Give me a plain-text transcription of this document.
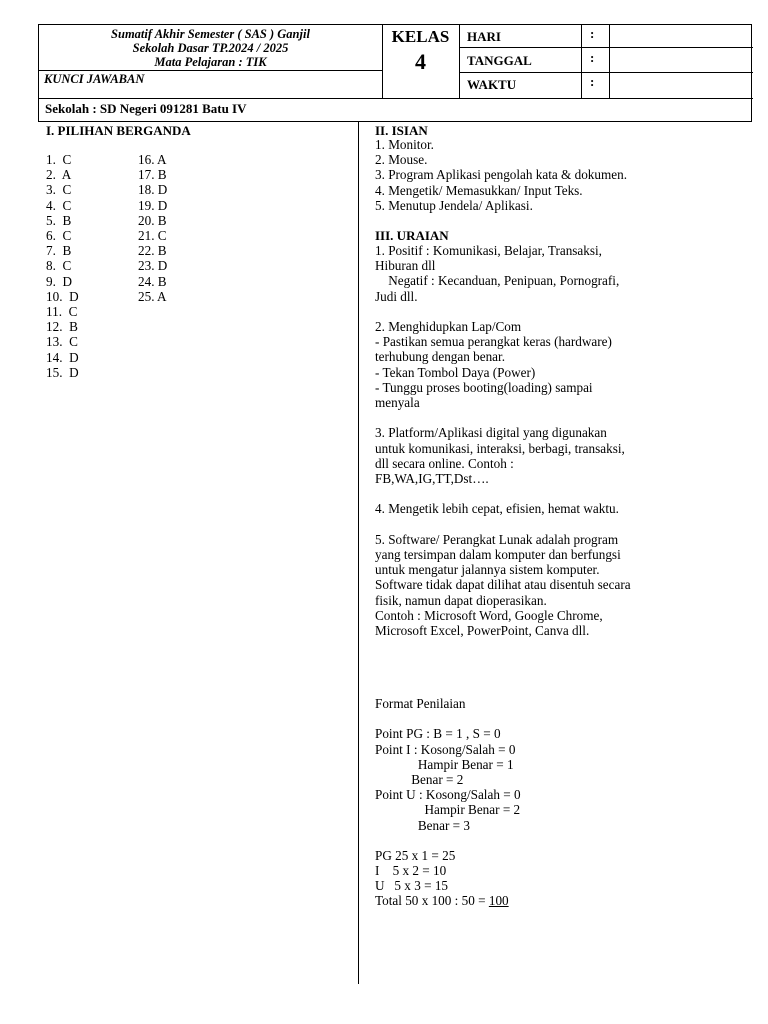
Sumatif Akhir Semester ( SAS ) Ganjil
Sekolah Dasar TP.2024 / 2025
Mata Pelajaran : TIK
KUNCI JAWABAN
KELAS
4
HARI
TANGGAL
WAKTU
:
:
:
Sekolah : SD Negeri 091281 Batu IV
I. PILIHAN BERGANDA
1.  C
2.  A
3.  C
4.  C
5.  B
6.  C
7.  B
8.  C
9.  D
10.  D
11.  C
12.  B
13.  C
14.  D
15.  D
16. A
17. B
18. D
19. D
20. B
21. C
22. B
23. D
24. B
25. A
II. ISIAN
1. Monitor.
2. Mouse.
3. Program Aplikasi pengolah kata & dokumen.
4. Mengetik/ Memasukkan/ Input Teks.
5. Menutup Jendela/ Aplikasi.
III. URAIAN
1. Positif : Komunikasi, Belajar, Transaksi,
Hiburan dll
Negatif : Kecanduan, Penipuan, Pornografi,
Judi dll.

2. Menghidupkan Lap/Com
- Pastikan semua perangkat keras (hardware)
terhubung dengan benar.
- Tekan Tombol Daya (Power)
- Tunggu proses booting(loading) sampai
menyala

3. Platform/Aplikasi digital yang digunakan
untuk komunikasi, interaksi, berbagi, transaksi,
dll secara online. Contoh :
FB,WA,IG,TT,Dst….

4. Mengetik lebih cepat, efisien, hemat waktu.

5. Software/ Perangkat Lunak adalah program
yang tersimpan dalam komputer dan berfungsi
untuk mengatur jalannya sistem komputer.
Software tidak dapat dilihat atau disentuh secara
fisik, namun dapat dioperasikan.
Contoh : Microsoft Word, Google Chrome,
Microsoft Excel, PowerPoint, Canva dll.
Format Penilaian

Point PG : B = 1 , S = 0
Point I : Kosong/Salah = 0
Hampir Benar = 1
Benar = 2
Point U : Kosong/Salah = 0
Hampir Benar = 2
Benar = 3

PG 25 x 1 = 25
I    5 x 2 = 10
U   5 x 3 = 15
Total 50 x 100 : 50 = 100
